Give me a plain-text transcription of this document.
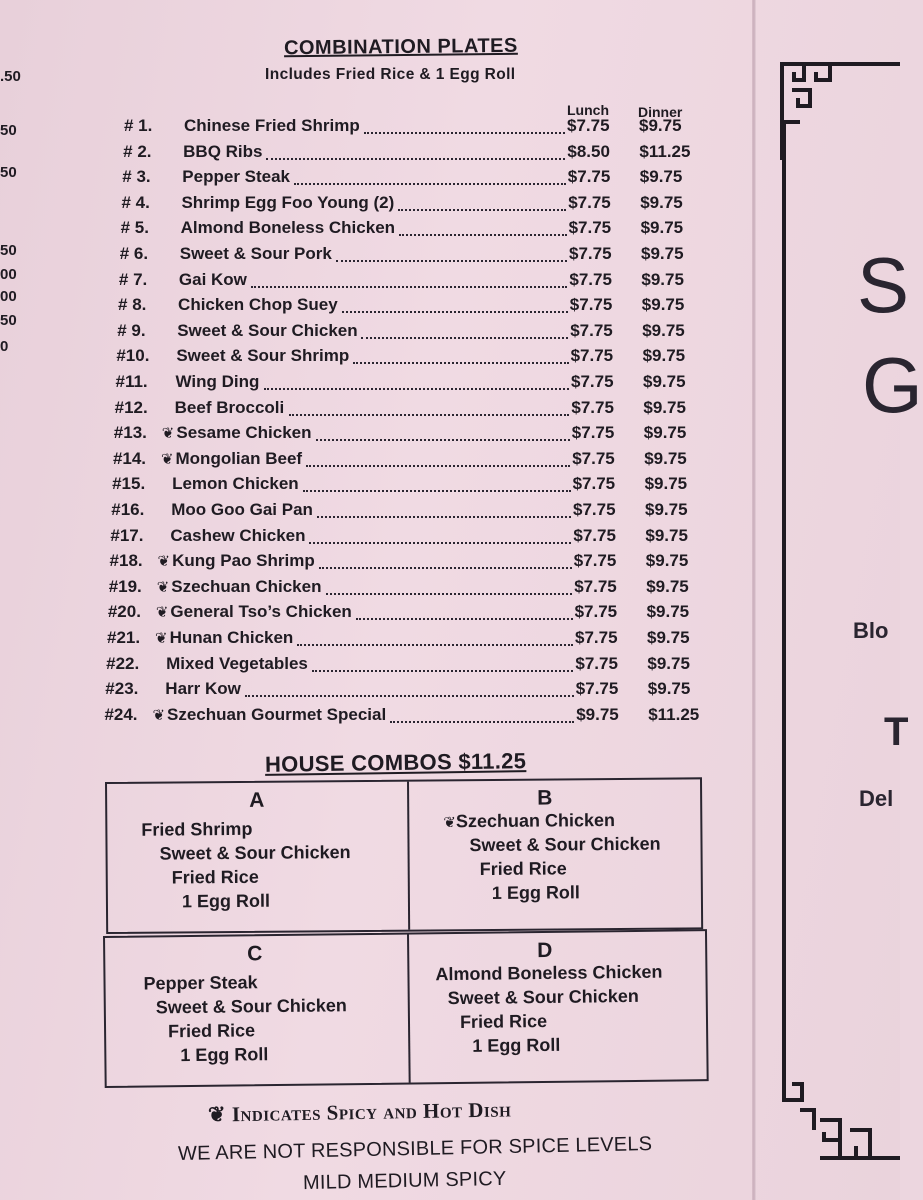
.50
50
50
50
00
00
50
0
COMBINATION PLATES
Includes Fried Rice & 1 Egg Roll
Lunch Dinner
# 1. Chinese Fried Shrimp	$7.75 $9.75
# 2. BBQ Ribs	$8.50 $11.25
# 3. Pepper Steak	$7.75 $9.75
# 4. Shrimp Egg Foo Young (2)	$7.75 $9.75
# 5. Almond Boneless Chicken	$7.75 $9.75
# 6. Sweet & Sour Pork	$7.75 $9.75
# 7. Gai Kow	$7.75 $9.75
# 8. Chicken Chop Suey	$7.75 $9.75
# 9. Sweet & Sour Chicken	$7.75 $9.75
#10. Sweet & Sour Shrimp	$7.75 $9.75
#11. Wing Ding	$7.75 $9.75
#12. Beef Broccoli	$7.75 $9.75
#13. ❦ Sesame Chicken	$7.75 $9.75
#14. ❦ Mongolian Beef	$7.75 $9.75
#15. Lemon Chicken	$7.75 $9.75
#16. Moo Goo Gai Pan	$7.75 $9.75
#17. Cashew Chicken	$7.75 $9.75
#18. ❦ Kung Pao Shrimp	$7.75 $9.75
#19. ❦ Szechuan Chicken	$7.75 $9.75
#20. ❦ General Tso’s Chicken	$7.75 $9.75
#21. ❦ Hunan Chicken	$7.75 $9.75
#22. Mixed Vegetables	$7.75 $9.75
#23. Harr Kow	$7.75 $9.75
#24. ❦ Szechuan Gourmet Special	$9.75 $11.25
HOUSE COMBOS $11.25
A
Fried Shrimp
Sweet & Sour Chicken
Fried Rice
1 Egg Roll
B
❦Szechuan Chicken
Sweet & Sour Chicken
Fried Rice
1 Egg Roll
C
Pepper Steak
Sweet & Sour Chicken
Fried Rice
1 Egg Roll
D
Almond Boneless Chicken
Sweet & Sour Chicken
Fried Rice
1 Egg Roll
❦ Indicates Spicy and Hot Dish
WE ARE NOT RESPONSIBLE FOR SPICE LEVELS
MILD MEDIUM SPICY
S
G
Blo
T
Del
